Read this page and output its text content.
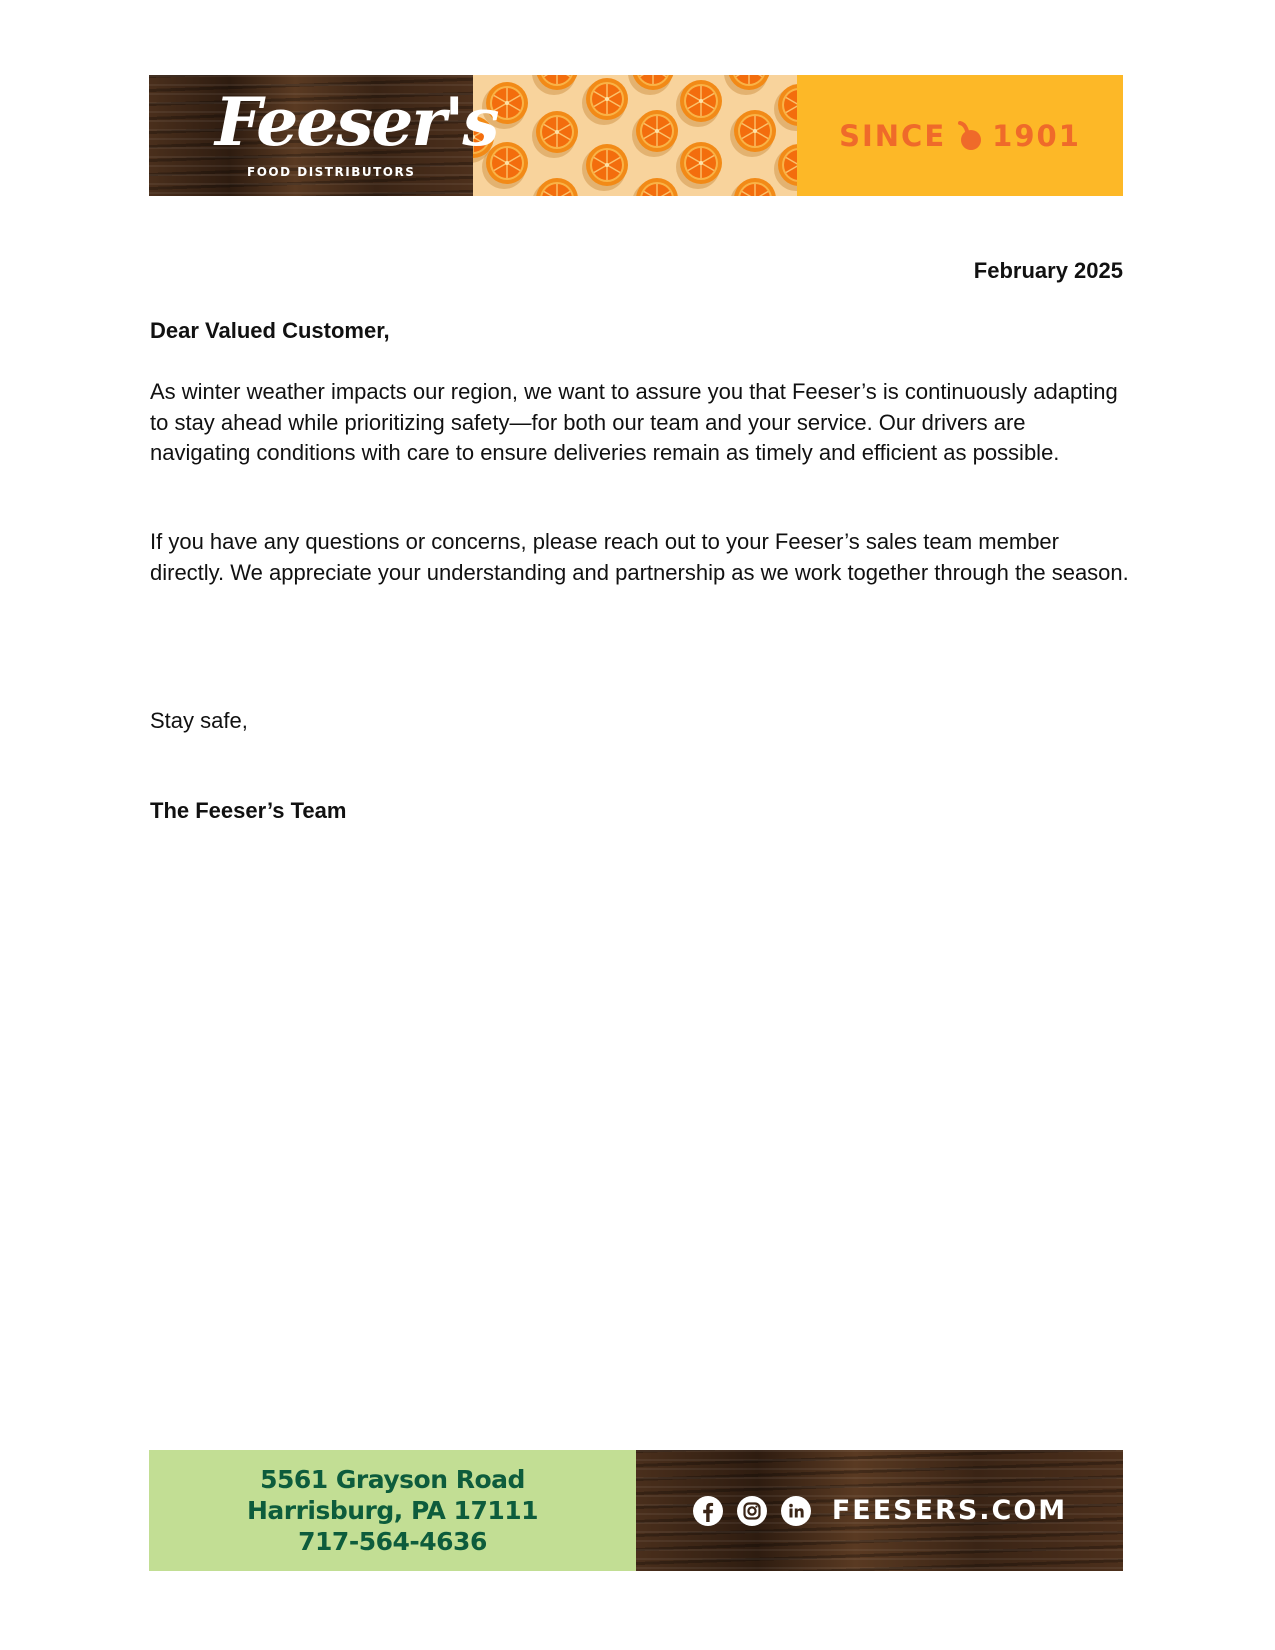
Feeser's
FOOD DISTRIBUTORS
SINCE 1901
February 2025
Dear Valued Customer,

As winter weather impacts our region, we want to assure you that Feeser’s is continuously adapting to stay ahead while prioritizing safety—for both our team and your service. Our drivers are navigating conditions with care to ensure deliveries remain as timely and efficient as possible.

If you have any questions or concerns, please reach out to your Feeser’s sales team member directly. We appreciate your understanding and partnership as we work together through the season.

Stay safe,
The Feeser’s Team
5561 Grayson Road
Harrisburg, PA 17111
717-564-4636
FEESERS.COM
